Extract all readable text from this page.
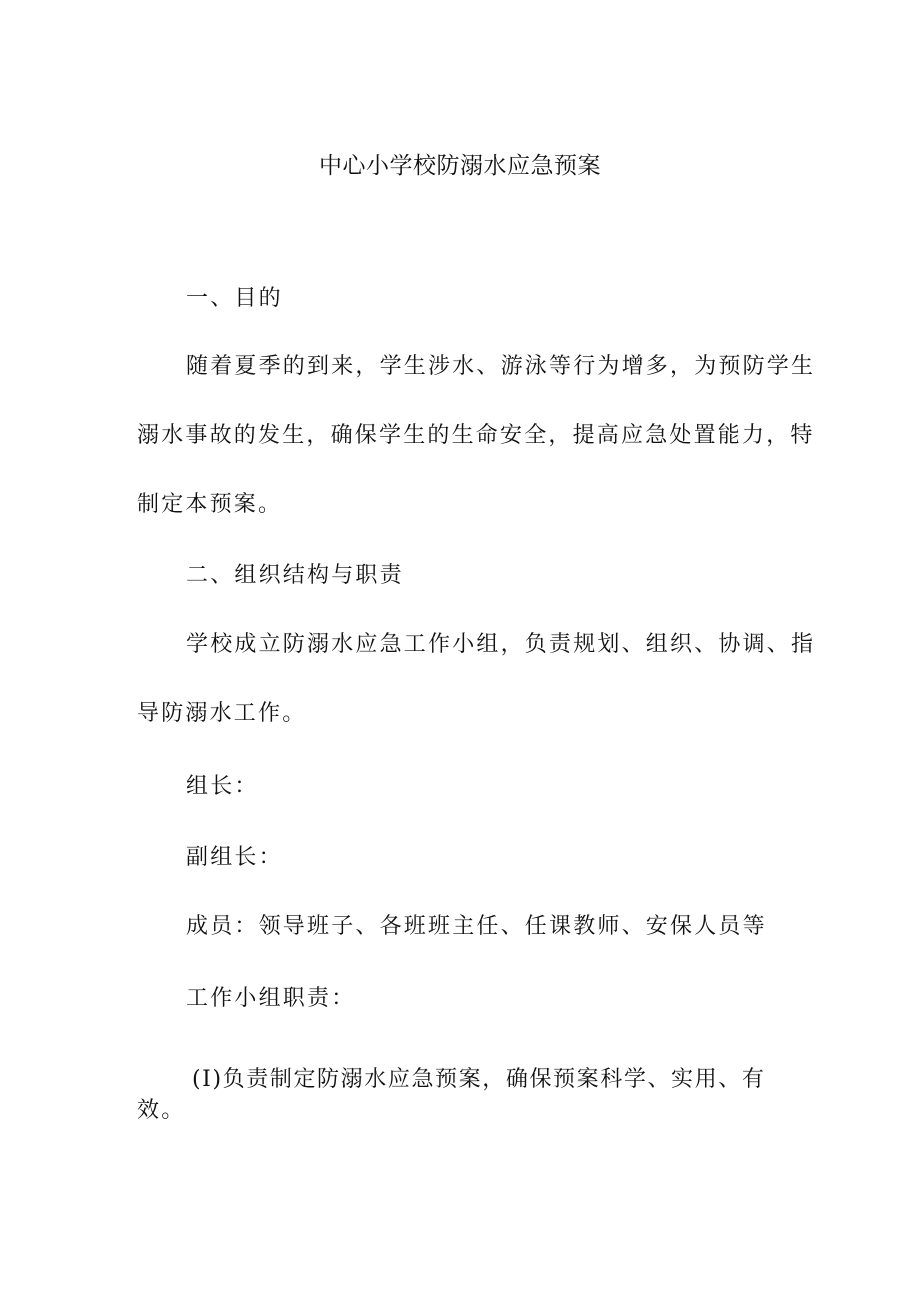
中心小学校防溺水应急预案
一、目的
随着夏季的到来，学生涉水、游泳等行为增多，为预防学生
溺水事故的发生，确保学生的生命安全，提高应急处置能力，特
制定本预案。
二、组织结构与职责
学校成立防溺水应急工作小组，负责规划、组织、协调、指
导防溺水工作。
组长：
副组长：
成员：领导班子、各班班主任、任课教师、安保人员等
工作小组职责：
(I)负责制定防溺水应急预案，确保预案科学、实用、有
效。
